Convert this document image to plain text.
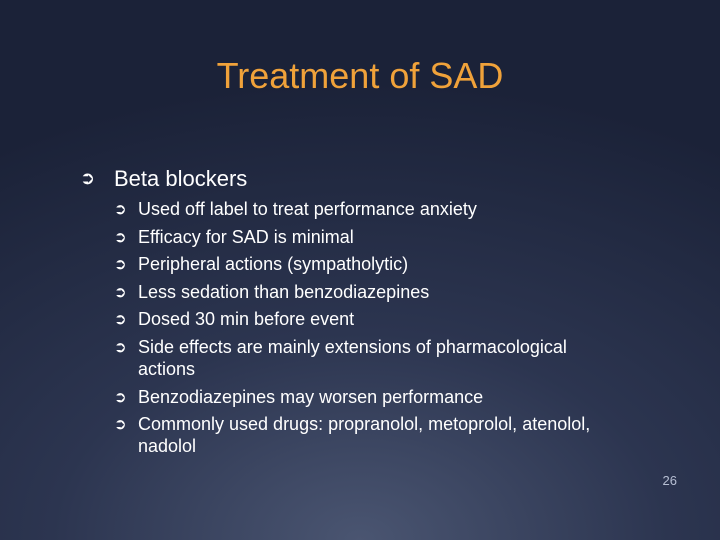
Treatment of SAD
➲ Beta blockers
➲ Used off label to treat performance anxiety
➲ Efficacy for SAD is minimal
➲ Peripheral actions (sympatholytic)
➲ Less sedation than benzodiazepines
➲ Dosed 30 min before event
➲ Side effects are mainly extensions of pharmacological actions
➲ Benzodiazepines may worsen performance
➲ Commonly used drugs: propranolol, metoprolol, atenolol, nadolol
26
